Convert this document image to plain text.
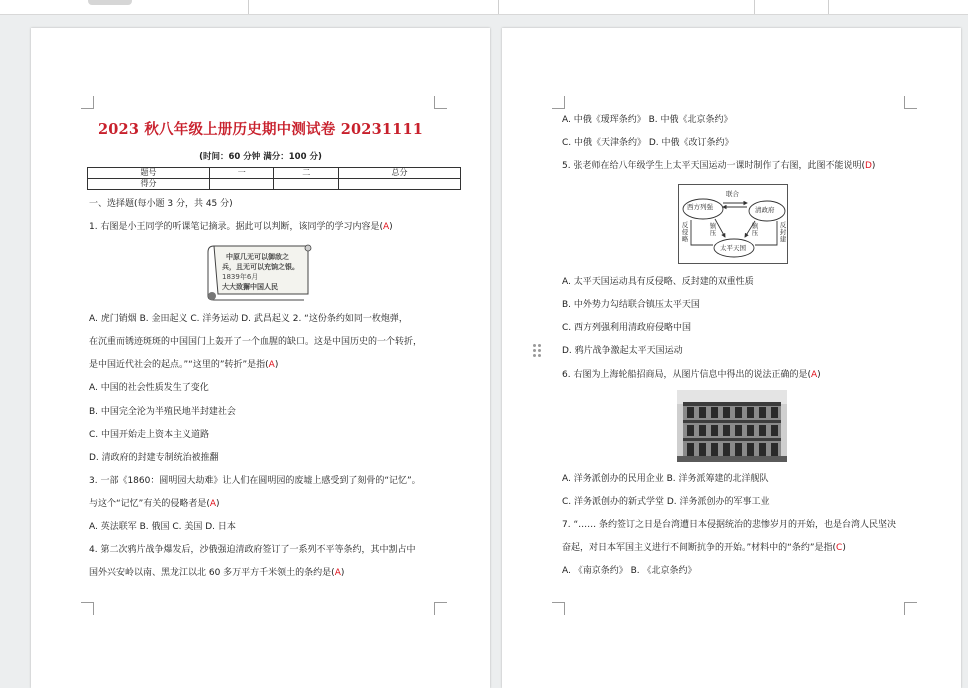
2023 秋八年级上册历史期中测试卷 20231111
(时间：60 分钟 满分：100 分)
题号	一	二	总分
得分			
一、选择题(每小题 3 分，共 45 分)
1. 右图是小王同学的听课笔记摘录。据此可以判断，该同学的学习内容是(A)
中原几无可以御敌之
兵，且无可以充饷之银。
1839年6月
大大致獬中国人民
A. 虎门销烟 B. 金田起义 C. 洋务运动 D. 武昌起义 2. “这份条约如同一枚炮弹，
在沉重而锈迹斑斑的中国国门上轰开了一个血腥的缺口。这是中国历史的一个转折，
是中国近代社会的起点。”“这里的”转折”是指(A)
A. 中国的社会性质发生了变化
B. 中国完全沦为半殖民地半封建社会
C. 中国开始走上资本主义道路
D. 清政府的封建专制统治被推翻
3. 一部《1860：圆明园大劫难》让人们在圆明园的废墟上感受到了刻骨的“记忆”。
与这个“记忆”有关的侵略者是(A)
A. 英法联军 B. 俄国 C. 美国 D. 日本
4. 第二次鸦片战争爆发后，沙俄强迫清政府签订了一系列不平等条约，其中割占中
国外兴安岭以南、黑龙江以北 60 多万平方千米领土的条约是(A)
A. 中俄《瑷珲条约》 B. 中俄《北京条约》
C. 中俄《天津条约》 D. 中俄《改订条约》
5. 张老师在给八年级学生上太平天国运动一课时制作了右图，此图不能说明(D)
西方列强	清政府
太平天国
联合
反
侵
略
反
封
建
镇
压
镇
压
A. 太平天国运动具有反侵略、反封建的双重性质
B. 中外势力勾结联合镇压太平天国
C. 西方列强利用清政府侵略中国
D. 鸦片战争激起太平天国运动
6. 右图为上海轮船招商局，从图片信息中得出的说法正确的是(A)
A. 洋务派创办的民用企业 B. 洋务派筹建的北洋舰队
C. 洋务派创办的新式学堂 D. 洋务派创办的军事工业
7. “…… 条约签订之日是台湾遭日本侵据统治的悲惨岁月的开始，也是台湾人民坚决
奋起，对日本军国主义进行不间断抗争的开始。”材料中的“条约”是指(C)
A. 《南京条约》 B. 《北京条约》
